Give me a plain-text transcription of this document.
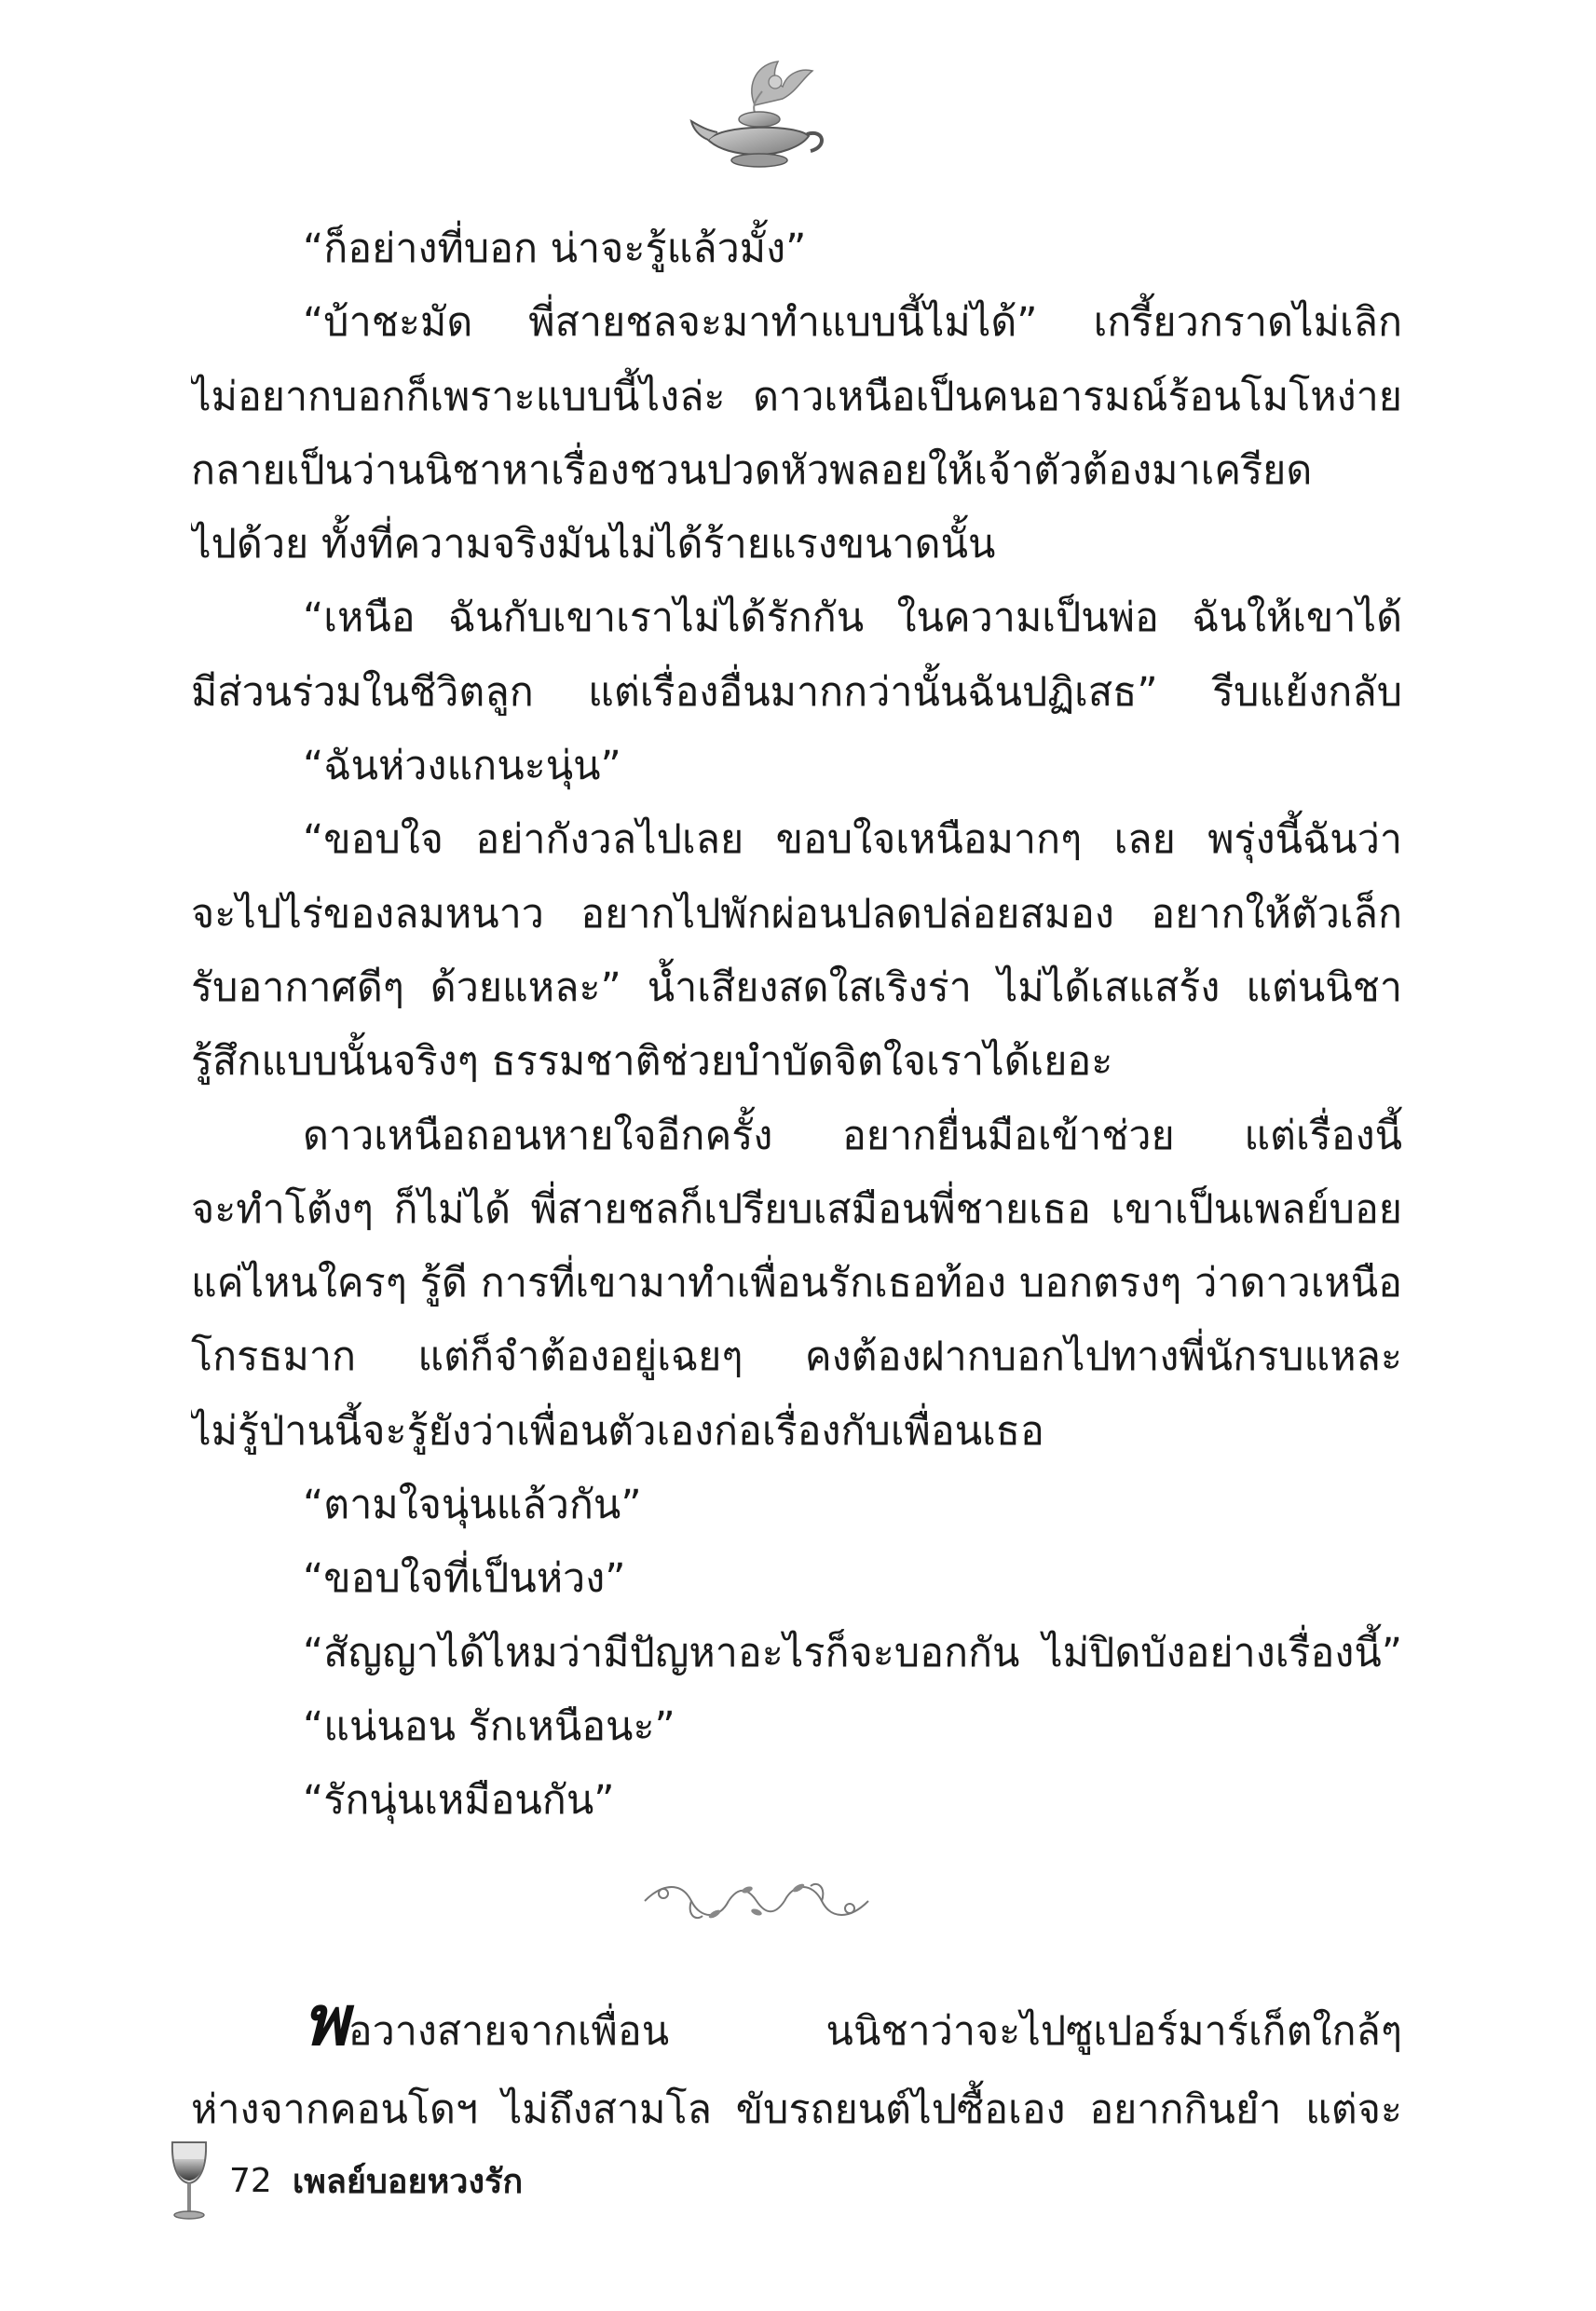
“ก็อย่างที่บอก น่าจะรู้แล้วมั้ง”
“บ้าชะมัด พี่สายชลจะมาทำแบบนี้ไม่ได้” เกรี้ยวกราดไม่เลิก
ไม่อยากบอกก็เพราะแบบนี้ไงล่ะ ดาวเหนือเป็นคนอารมณ์ร้อนโมโหง่าย
กลายเป็นว่านนิชาหาเรื่องชวนปวดหัวพลอยให้เจ้าตัวต้องมาเครียด
ไปด้วย ทั้งที่ความจริงมันไม่ได้ร้ายแรงขนาดนั้น
“เหนือ ฉันกับเขาเราไม่ได้รักกัน ในความเป็นพ่อ ฉันให้เขาได้
มีส่วนร่วมในชีวิตลูก แต่เรื่องอื่นมากกว่านั้นฉันปฏิเสธ” รีบแย้งกลับ
“ฉันห่วงแกนะนุ่น”
“ขอบใจ อย่ากังวลไปเลย ขอบใจเหนือมากๆ เลย พรุ่งนี้ฉันว่า
จะไปไร่ของลมหนาว อยากไปพักผ่อนปลดปล่อยสมอง อยากให้ตัวเล็ก
รับอากาศดีๆ ด้วยแหละ” น้ำเสียงสดใสเริงร่า ไม่ได้เสแสร้ง แต่นนิชา
รู้สึกแบบนั้นจริงๆ ธรรมชาติช่วยบำบัดจิตใจเราได้เยอะ
ดาวเหนือถอนหายใจอีกครั้ง อยากยื่นมือเข้าช่วย แต่เรื่องนี้
จะทำโต้งๆ ก็ไม่ได้ พี่สายชลก็เปรียบเสมือนพี่ชายเธอ เขาเป็นเพลย์บอย
แค่ไหนใครๆ รู้ดี การที่เขามาทำเพื่อนรักเธอท้อง บอกตรงๆ ว่าดาวเหนือ
โกรธมาก แต่ก็จำต้องอยู่เฉยๆ คงต้องฝากบอกไปทางพี่นักรบแหละ
ไม่รู้ป่านนี้จะรู้ยังว่าเพื่อนตัวเองก่อเรื่องกับเพื่อนเธอ
“ตามใจนุ่นแล้วกัน”
“ขอบใจที่เป็นห่วง”
“สัญญาได้ไหมว่ามีปัญหาอะไรก็จะบอกกัน ไม่ปิดบังอย่างเรื่องนี้”
“แน่นอน รักเหนือนะ”
“รักนุ่นเหมือนกัน”
พอวางสายจากเพื่อน นนิชาว่าจะไปซูเปอร์มาร์เก็ตใกล้ๆ
ห่างจากคอนโดฯ ไม่ถึงสามโล ขับรถยนต์ไปซื้อเอง อยากกินยำ แต่จะ
72 เพลย์บอยหวงรัก
